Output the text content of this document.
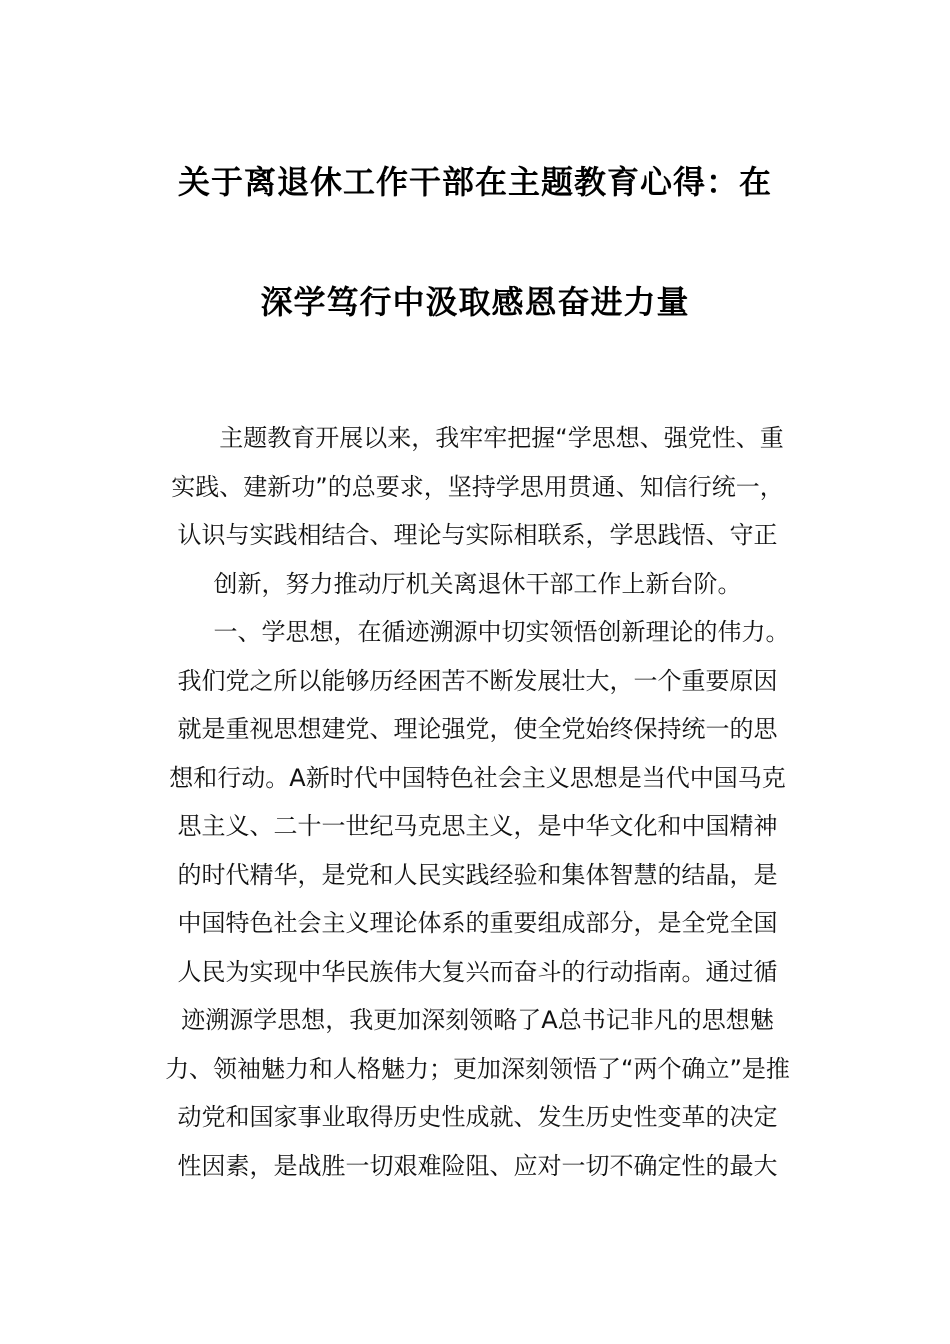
关于离退休工作干部在主题教育心得：在
深学笃行中汲取感恩奋进力量
主题教育开展以来，我牢牢把握“学思想、强党性、重
实践、建新功”的总要求，坚持学思用贯通、知信行统一，
认识与实践相结合、理论与实际相联系，学思践悟、守正
创新，努力推动厅机关离退休干部工作上新台阶。
一、学思想，在循迹溯源中切实领悟创新理论的伟力。
我们党之所以能够历经困苦不断发展壮大，一个重要原因
就是重视思想建党、理论强党，使全党始终保持统一的思
想和行动。A新时代中国特色社会主义思想是当代中国马克
思主义、二十一世纪马克思主义，是中华文化和中国精神
的时代精华，是党和人民实践经验和集体智慧的结晶，是
中国特色社会主义理论体系的重要组成部分，是全党全国
人民为实现中华民族伟大复兴而奋斗的行动指南。通过循
迹溯源学思想，我更加深刻领略了A总书记非凡的思想魅
力、领袖魅力和人格魅力；更加深刻领悟了“两个确立”是推
动党和国家事业取得历史性成就、发生历史性变革的决定
性因素，是战胜一切艰难险阻、应对一切不确定性的最大
